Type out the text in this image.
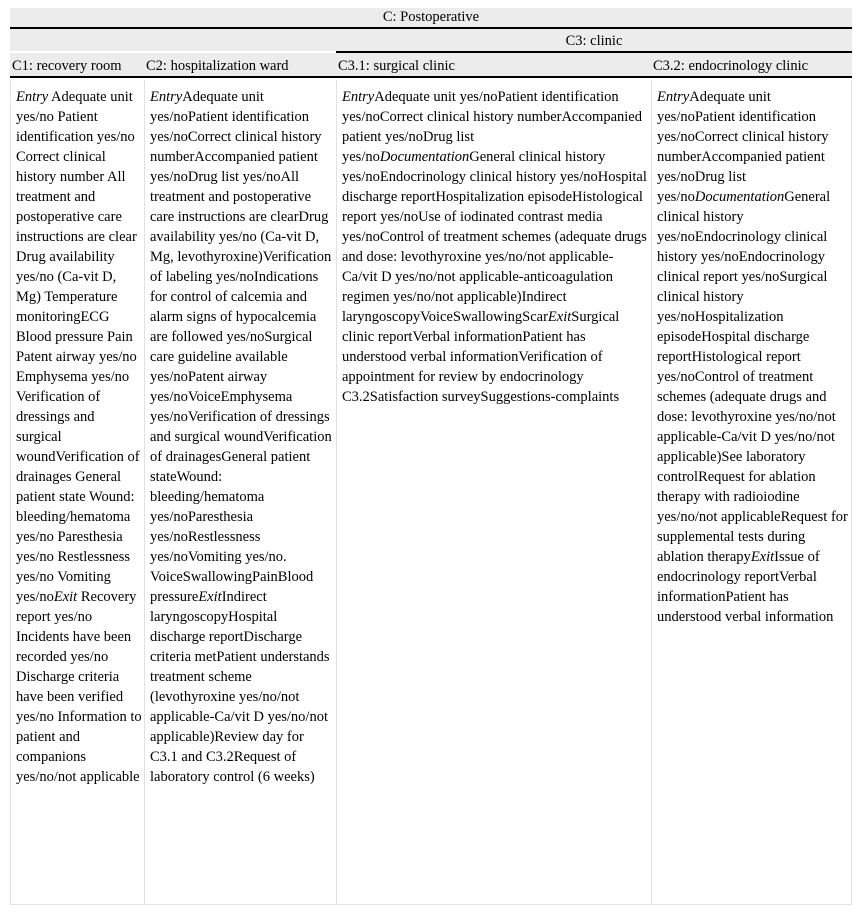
C: Postoperative
C3: clinic
C1: recovery room C2: hospitalization ward	C3.1: surgical clinic	C3.2: endocrinology clinic
Entry Adequate unit yes/no Patient identification yes/no Correct clinical history number All treatment and postoperative care instructions are clear Drug availability yes/no (Ca-vit D, Mg) Temperature monitoringECG Blood pressure Pain Patent airway yes/no Emphysema yes/no Verification of dressings and surgical woundVerification of drainages General patient state Wound: bleeding/hematoma yes/no Paresthesia yes/no Restlessness yes/no Vomiting yes/noExit Recovery report yes/no Incidents have been recorded yes/no Discharge criteria have been verified yes/no Information to patient and companions yes/no/not applicable
EntryAdequate unit yes/noPatient identification yes/noCorrect clinical history numberAccompanied patient yes/noDrug list yes/noAll treatment and postoperative care instructions are clearDrug availability yes/no (Ca-vit D, Mg, levothyroxine)Verification of labeling yes/noIndications for control of calcemia and alarm signs of hypocalcemia are followed yes/noSurgical care guideline available yes/noPatent airway yes/noVoiceEmphysema yes/noVerification of dressings and surgical woundVerification of drainagesGeneral patient stateWound: bleeding/hematoma yes/noParesthesia yes/noRestlessness yes/noVomiting yes/no. VoiceSwallowingPainBlood pressureExitIndirect laryngoscopyHospital discharge reportDischarge criteria metPatient understands treatment scheme (levothyroxine yes/no/not applicable-Ca/vit D yes/no/not applicable)Review day for C3.1 and C3.2Request of laboratory control (6 weeks)
EntryAdequate unit yes/noPatient identification yes/noCorrect clinical history numberAccompanied patient yes/noDrug list yes/noDocumentationGeneral clinical history yes/noEndocrinology clinical history yes/noHospital discharge reportHospitalization episodeHistological report yes/noUse of iodinated contrast media yes/noControl of treatment schemes (adequate drugs and dose: levothyroxine yes/no/not applicable-Ca/vit D yes/no/not applicable-anticoagulation regimen yes/no/not applicable)Indirect laryngoscopyVoiceSwallowingScarExitSurgical clinic reportVerbal informationPatient has understood verbal informationVerification of appointment for review by endocrinology C3.2Satisfaction surveySuggestions-complaints
EntryAdequate unit yes/noPatient identification yes/noCorrect clinical history numberAccompanied patient yes/noDrug list yes/noDocumentationGeneral clinical history yes/noEndocrinology clinical history yes/noEndocrinology clinical report yes/noSurgical clinical history yes/noHospitalization episodeHospital discharge reportHistological report yes/noControl of treatment schemes (adequate drugs and dose: levothyroxine yes/no/not applicable-Ca/vit D yes/no/not applicable)See laboratory controlRequest for ablation therapy with radioiodine yes/no/not applicableRequest for supplemental tests during ablation therapyExitIssue of endocrinology reportVerbal informationPatient has understood verbal information
